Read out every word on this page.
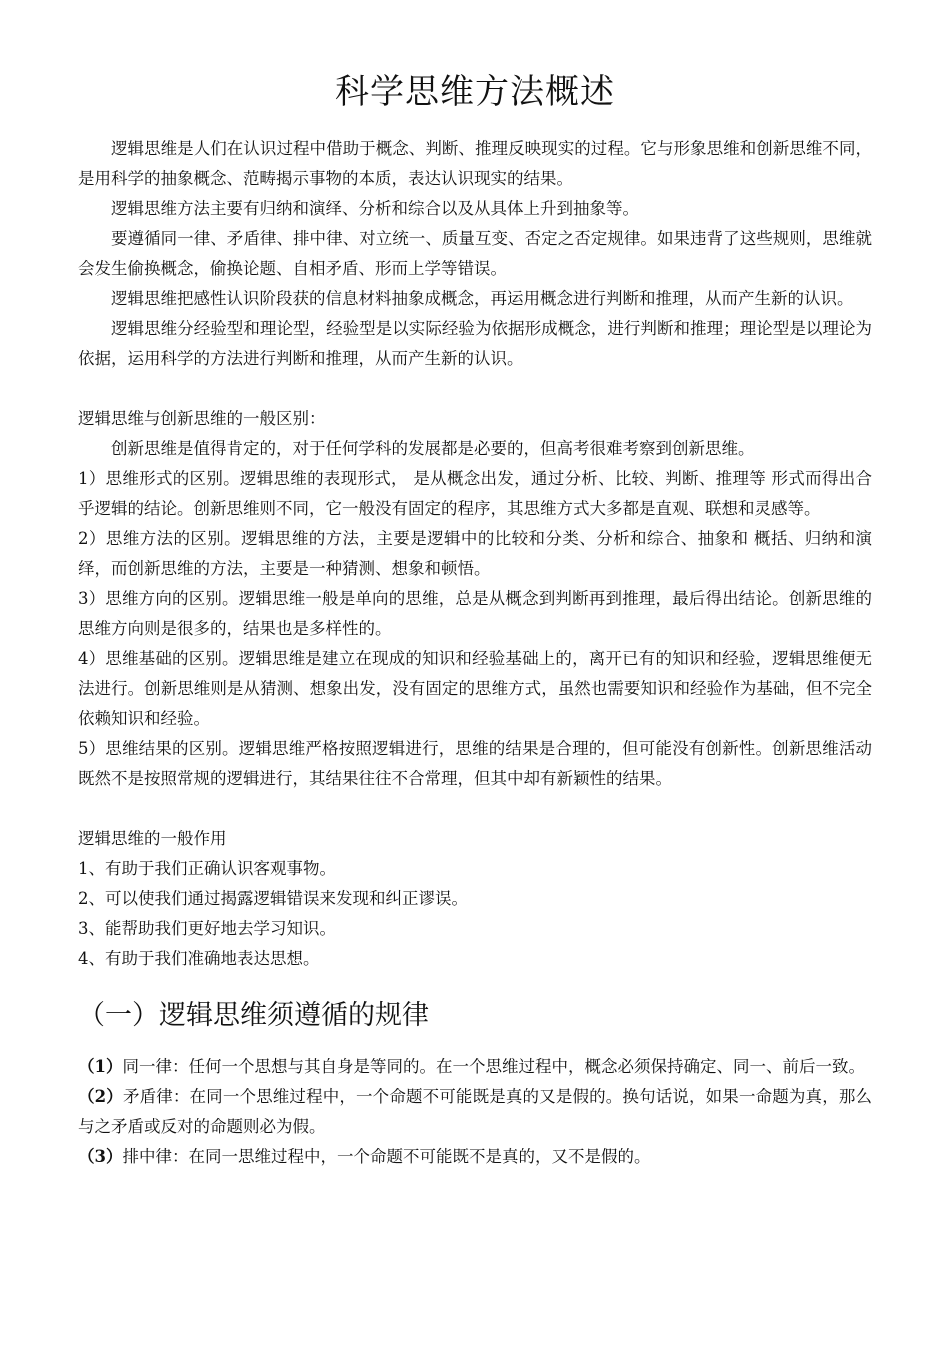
科学思维方法概述

逻辑思维是人们在认识过程中借助于概念、判断、推理反映现实的过程。它与形象思维和创新思维不同，是用科学的抽象概念、范畴揭示事物的本质，表达认识现实的结果。

逻辑思维方法主要有归纳和演绎、分析和综合以及从具体上升到抽象等。

要遵循同一律、矛盾律、排中律、对立统一、质量互变、否定之否定规律。如果违背了这些规则，思维就会发生偷换概念，偷换论题、自相矛盾、形而上学等错误。

逻辑思维把感性认识阶段获的信息材料抽象成概念，再运用概念进行判断和推理，从而产生新的认识。

逻辑思维分经验型和理论型，经验型是以实际经验为依据形成概念，进行判断和推理；理论型是以理论为依据，运用科学的方法进行判断和推理，从而产生新的认识。

逻辑思维与创新思维的一般区别：

创新思维是值得肯定的，对于任何学科的发展都是必要的，但高考很难考察到创新思维。

1）思维形式的区别。逻辑思维的表现形式， 是从概念出发，通过分析、比较、判断、推理等 形式而得出合乎逻辑的结论。创新思维则不同，它一般没有固定的程序，其思维方式大多都是直观、联想和灵感等。

2）思维方法的区别。逻辑思维的方法，主要是逻辑中的比较和分类、分析和综合、抽象和 概括、归纳和演绎，而创新思维的方法，主要是一种猜测、想象和顿悟。

3）思维方向的区别。逻辑思维一般是单向的思维，总是从概念到判断再到推理，最后得出结论。创新思维的思维方向则是很多的，结果也是多样性的。

4）思维基础的区别。逻辑思维是建立在现成的知识和经验基础上的，离开已有的知识和经验，逻辑思维便无法进行。创新思维则是从猜测、想象出发，没有固定的思维方式，虽然也需要知识和经验作为基础，但不完全依赖知识和经验。

5）思维结果的区别。逻辑思维严格按照逻辑进行，思维的结果是合理的，但可能没有创新性。创新思维活动既然不是按照常规的逻辑进行，其结果往往不合常理，但其中却有新颖性的结果。

逻辑思维的一般作用

1、有助于我们正确认识客观事物。

2、可以使我们通过揭露逻辑错误来发现和纠正谬误。

3、能帮助我们更好地去学习知识。

4、有助于我们准确地表达思想。

（一）逻辑思维须遵循的规律

（1）同一律：任何一个思想与其自身是等同的。在一个思维过程中，概念必须保持确定、同一、前后一致。

（2）矛盾律：在同一个思维过程中，一个命题不可能既是真的又是假的。换句话说，如果一命题为真，那么与之矛盾或反对的命题则必为假。

（3）排中律：在同一思维过程中，一个命题不可能既不是真的，又不是假的。
